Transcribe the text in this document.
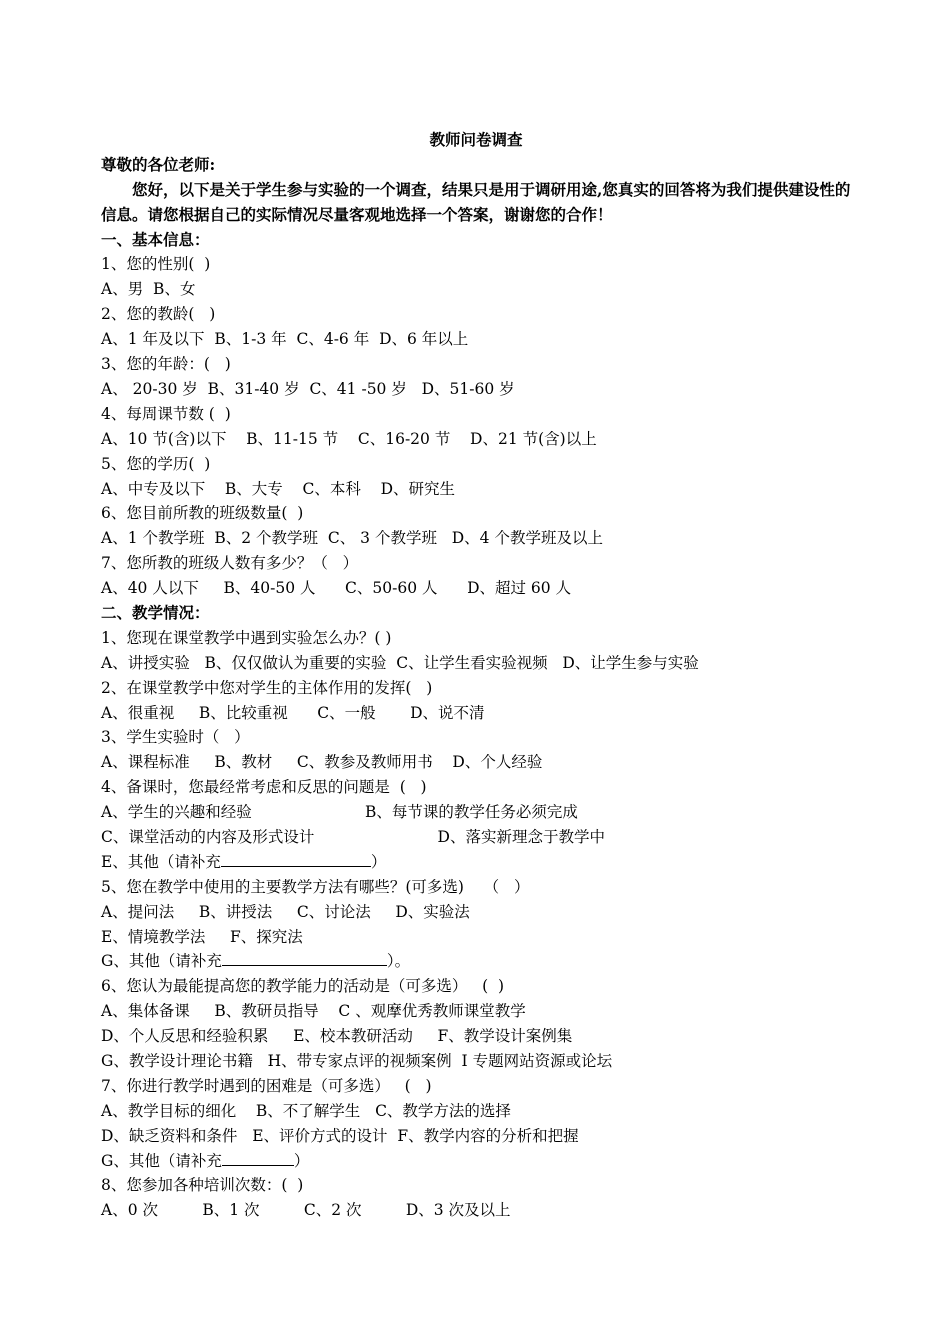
教师问卷调查
尊敬的各位老师:
您好，以下是关于学生参与实验的一个调查，结果只是用于调研用途,您真实的回答将为我们提供建设性的信息。请您根据自己的实际情况尽量客观地选择一个答案，谢谢您的合作！
一、基本信息：
1、您的性别(  )
A、男  B、女
2、您的教龄(   )
A、1 年及以下  B、1-3 年  C、4-6 年  D、6 年以上
3、您的年龄：(   )
A、 20-30 岁  B、31-40 岁  C、41 -50 岁   D、51-60 岁
4、每周课节数 (  )
A、10 节(含)以下    B、11-15 节    C、16-20 节    D、21 节(含)以上
5、您的学历(  )
A、中专及以下    B、大专    C、本科    D、研究生
6、您目前所教的班级数量(  )
A、1 个教学班  B、2 个教学班  C、 3 个教学班   D、4 个教学班及以上
7、您所教的班级人数有多少？（   ）
A、40 人以下     B、40-50 人      C、50-60 人      D、超过 60 人
二、教学情况：
1、您现在课堂教学中遇到实验怎么办？( )
A、讲授实验   B、仅仅做认为重要的实验  C、让学生看实验视频   D、让学生参与实验
2、在课堂教学中您对学生的主体作用的发挥(   )
A、很重视     B、比较重视      C、一般       D、说不清
3、学生实验时（   ）
A、课程标准     B、教材     C、教参及教师用书    D、个人经验
4、备课时，您最经常考虑和反思的问题是  (   )
A、学生的兴趣和经验                       B、每节课的教学任务必须完成
C、课堂活动的内容及形式设计                         D、落实新理念于教学中
E、其他（请补充	）
5、您在教学中使用的主要教学方法有哪些？(可多选)    （   ）
A、提问法     B、讲授法     C、讨论法     D、实验法
E、情境教学法     F、探究法
G、其他（请补充	）。
6、您认为最能提高您的教学能力的活动是（可多选）   (  )
A、集体备课     B、教研员指导    C 、观摩优秀教师课堂教学
D、个人反思和经验积累     E、校本教研活动     F、教学设计案例集
G、教学设计理论书籍   H、带专家点评的视频案例  I 专题网站资源或论坛
7、你进行教学时遇到的困难是（可多选）   (   )
A、教学目标的细化    B、不了解学生   C、教学方法的选择
D、缺乏资料和条件   E、评价方式的设计  F、教学内容的分析和把握
G、其他（请补充	）
8、您参加各种培训次数：(  )
A、0 次         B、1 次         C、2 次         D、3 次及以上
